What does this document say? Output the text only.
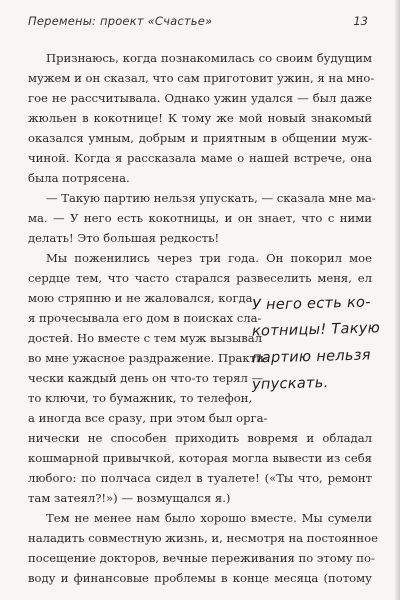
Перемены: проект «Счастье»	13
Признаюсь, когда познакомилась со своим будущим
мужем и он сказал, что сам приготовит ужин, я на мно-
гое не рассчитывала. Однако ужин удался — был даже
жюльен в кокотнице! К тому же мой новый знакомый
оказался умным, добрым и приятным в общении муж-
чиной. Когда я рассказала маме о нашей встрече, она
была потрясена.
— Такую партию нельзя упускать, — сказала мне ма-
ма. — У него есть кокотницы, и он знает, что с ними
делать! Это большая редкость!
Мы поженились через три года. Он покорил мое
сердце тем, что часто старался развеселить меня, ел
мою стряпню и не жаловался, когда
я прочесывала его дом в поисках сла-
достей. Но вместе с тем муж вызывал
во мне ужасное раздражение. Практи-
чески каждый день он что-то терял —
то ключи, то бумажник, то телефон,
а иногда все сразу, при этом был орга-
нически не способен приходить вовремя и обладал
кошмарной привычкой, которая могла вывести из себя
любого: по полчаса сидел в туалете! («Ты что, ремонт
там затеял?!») — возмущался я.)
Тем не менее нам было хорошо вместе. Мы сумели
наладить совместную жизнь, и, несмотря на постоянное
посещение докторов, вечные переживания по этому по-
воду и финансовые проблемы в конце месяца (потому
У него есть ко-
котницы! Такую
партию нельзя
упускать.
